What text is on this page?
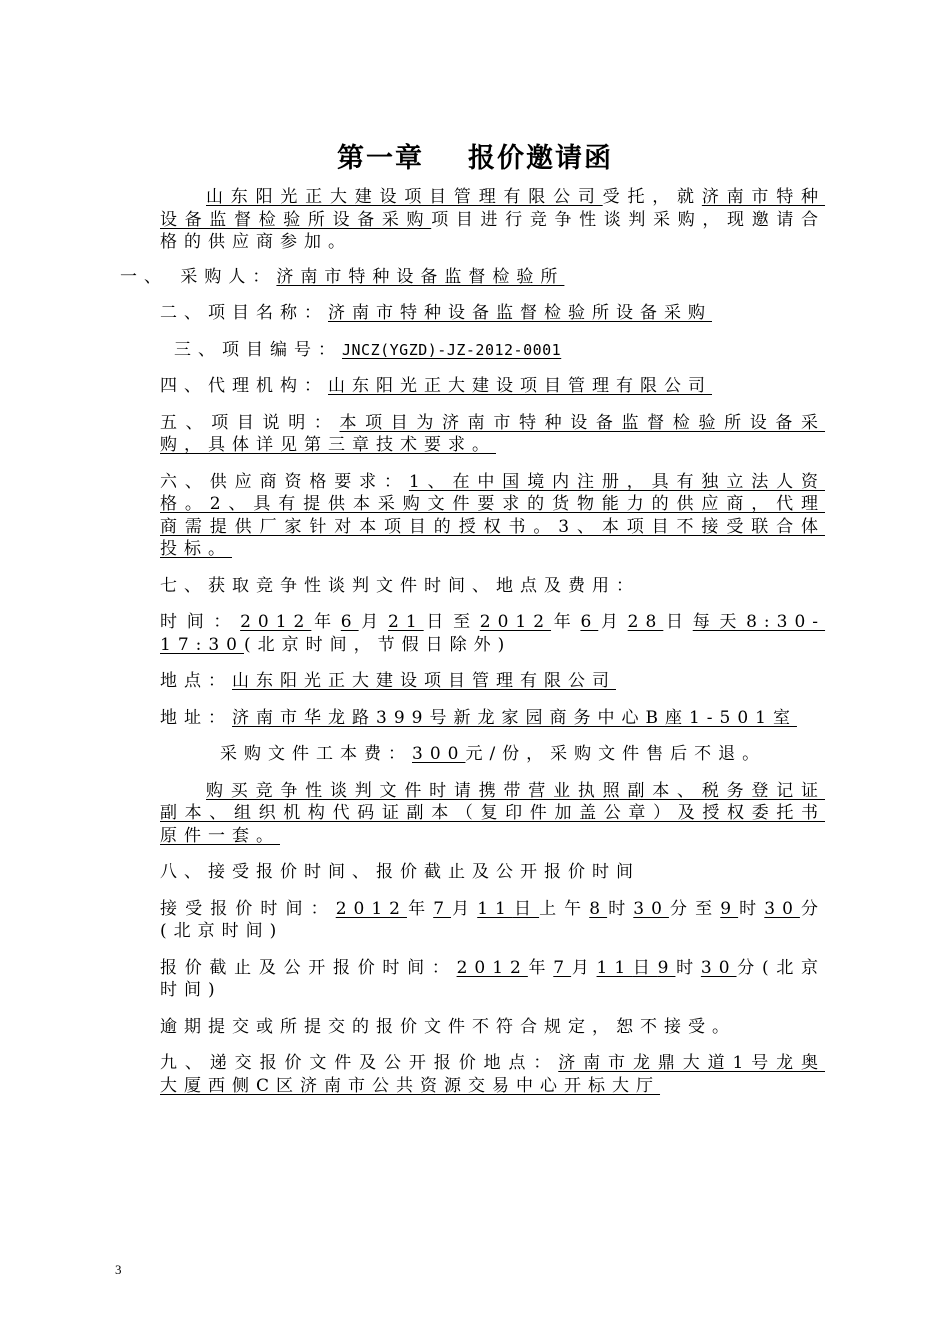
第一章 报价邀请函

山东阳光正大建设项目管理有限公司受托，就济南市特种设备监督检验所设备采购项目进行竞争性谈判采购，现邀请合格的供应商参加。

一、 采购人：济南市特种设备监督检验所

二、项目名称：济南市特种设备监督检验所设备采购

三、项目编号：JNCZ(YGZD)-JZ-2012-0001

四、代理机构：山东阳光正大建设项目管理有限公司

五、项目说明：本项目为济南市特种设备监督检验所设备采购，具体详见第三章技术要求。

六、供应商资格要求：1、在中国境内注册，具有独立法人资格。2、具有提供本采购文件要求的货物能力的供应商，代理商需提供厂家针对本项目的授权书。3、本项目不接受联合体投标。

七、获取竞争性谈判文件时间、地点及费用：

时间：2012年6月21日至2012年6月28日每天8:30-17:30(北京时间，节假日除外)

地点：山东阳光正大建设项目管理有限公司

地址：济南市华龙路399号新龙家园商务中心B座1-501室

采购文件工本费：300元/份，采购文件售后不退。

购买竞争性谈判文件时请携带营业执照副本、税务登记证副本、组织机构代码证副本（复印件加盖公章）及授权委托书原件一套。

八、接受报价时间、报价截止及公开报价时间

接受报价时间：2012年7月11日上午8时30分至9时30分(北京时间)

报价截止及公开报价时间：2012年7月11日9时30分(北京时间)

逾期提交或所提交的报价文件不符合规定，恕不接受。

九、递交报价文件及公开报价地点：济南市龙鼎大道1号龙奥大厦西侧C区济南市公共资源交易中心开标大厅

3
